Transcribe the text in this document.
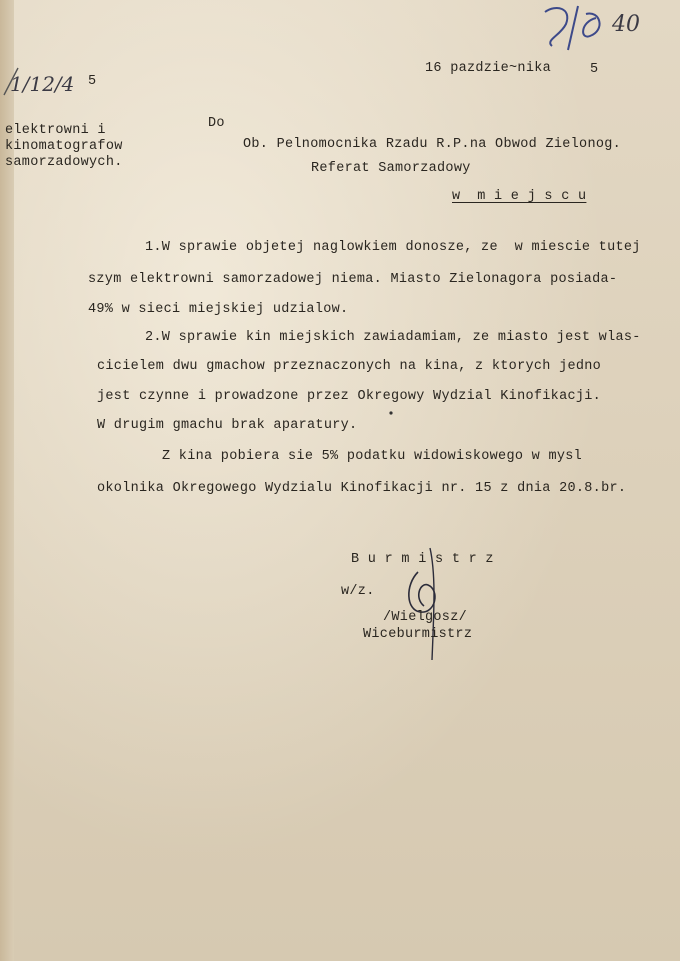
40
1/12/4 5
16 pazdzie~nika	5
elektrowni i
kinomatografow
samorzadowych.
Do
Ob. Pelnomocnika Rzadu R.P.na Obwod Zielonog.
Referat Samorzadowy
w  m i e j s c u
1.W sprawie objetej naglowkiem donosze, ze  w miescie tutej
szym elektrowni samorzadowej niema. Miasto Zielonagora posiada-
49% w sieci miejskiej udzialow.
2.W sprawie kin miejskich zawiadamiam, ze miasto jest wlas-
cicielem dwu gmachow przeznaczonych na kina, z ktorych jedno
jest czynne i prowadzone przez Okregowy Wydzial Kinofikacji.
W drugim gmachu brak aparatury.
Z kina pobiera sie 5% podatku widowiskowego w mysl
okolnika Okregowego Wydzialu Kinofikacji nr. 15 z dnia 20.8.br.
B u r m i s t r z
w/z.
/Wielgosz/
Wiceburmistrz
